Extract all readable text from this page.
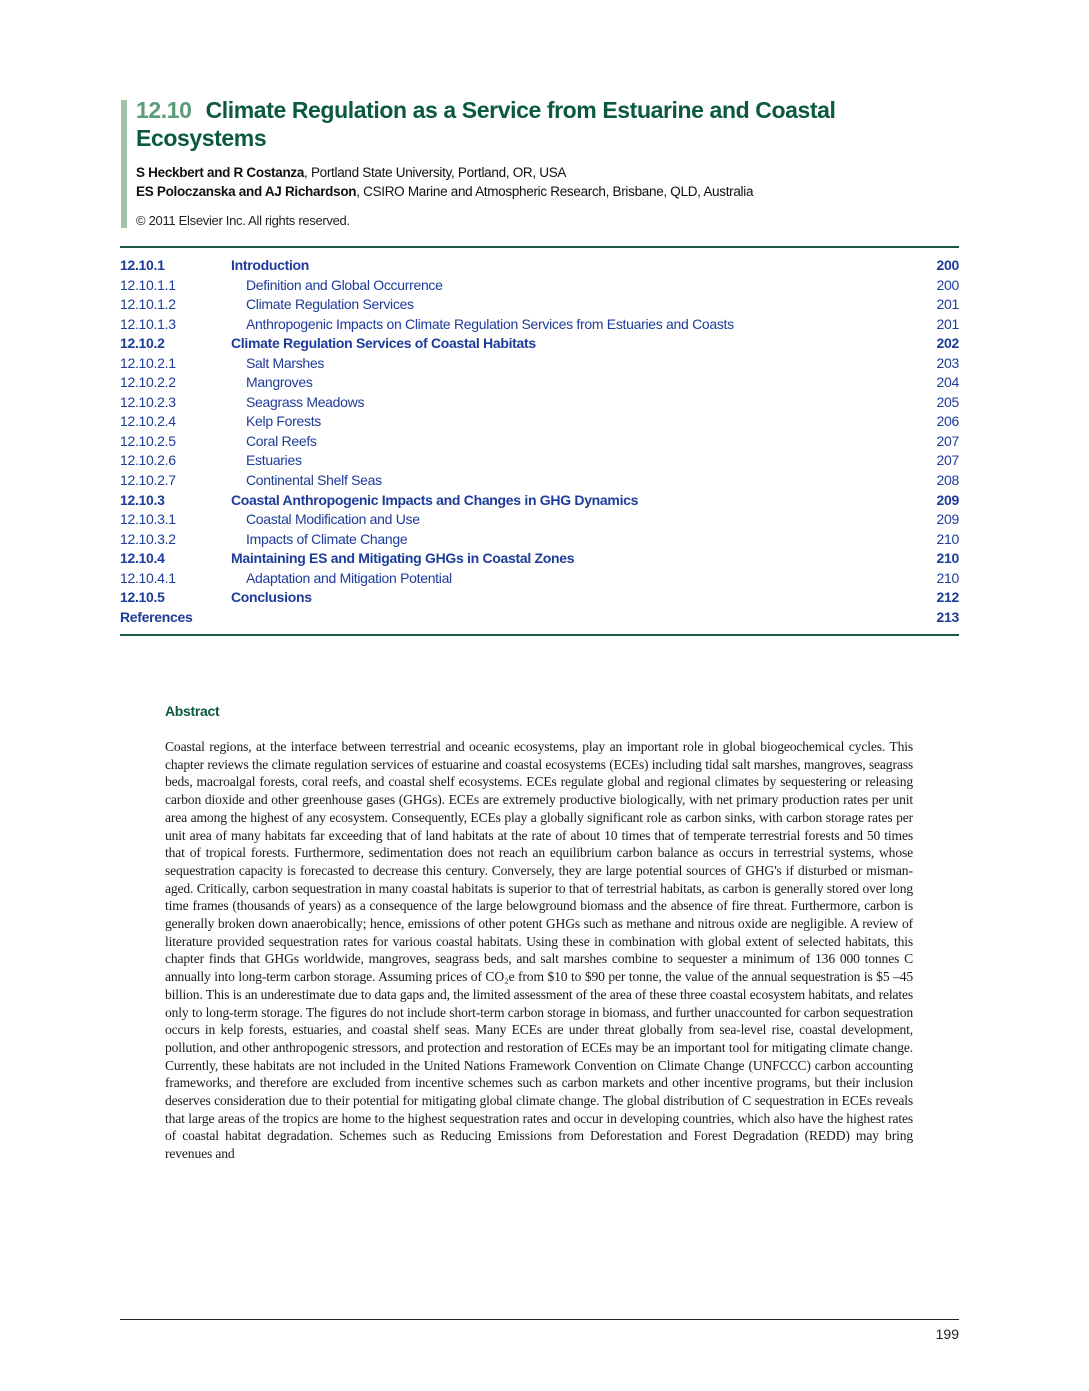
12.10 Climate Regulation as a Service from Estuarine and Coastal Ecosystems
S Heckbert and R Costanza, Portland State University, Portland, OR, USA
ES Poloczanska and AJ Richardson, CSIRO Marine and Atmospheric Research, Brisbane, QLD, Australia
© 2011 Elsevier Inc. All rights reserved.
12.10.1	Introduction	200
12.10.1.1	Definition and Global Occurrence	200
12.10.1.2	Climate Regulation Services	201
12.10.1.3	Anthropogenic Impacts on Climate Regulation Services from Estuaries and Coasts	201
12.10.2	Climate Regulation Services of Coastal Habitats	202
12.10.2.1	Salt Marshes	203
12.10.2.2	Mangroves	204
12.10.2.3	Seagrass Meadows	205
12.10.2.4	Kelp Forests	206
12.10.2.5	Coral Reefs	207
12.10.2.6	Estuaries	207
12.10.2.7	Continental Shelf Seas	208
12.10.3	Coastal Anthropogenic Impacts and Changes in GHG Dynamics	209
12.10.3.1	Coastal Modification and Use	209
12.10.3.2	Impacts of Climate Change	210
12.10.4	Maintaining ES and Mitigating GHGs in Coastal Zones	210
12.10.4.1	Adaptation and Mitigation Potential	210
12.10.5	Conclusions	212
References	213
Abstract

Coastal regions, at the interface between terrestrial and oceanic ecosystems, play an important role in global biogeochemical cycles. This chapter reviews the climate regulation services of estuarine and coastal ecosystems (ECEs) including tidal salt marshes, mangroves, seagrass beds, macroalgal forests, coral reefs, and coastal shelf ecosystems. ECEs regulate global and regional climates by sequestering or releasing carbon dioxide and other greenhouse gases (GHGs). ECEs are extremely productive biologically, with net primary production rates per unit area among the highest of any ecosystem. Consequently, ECEs play a globally significant role as carbon sinks, with carbon storage rates per unit area of many habitats far exceeding that of land habitats at the rate of about 10 times that of temperate terrestrial forests and 50 times that of tropical forests. Furthermore, sedimentation does not reach an equilibrium carbon balance as occurs in terrestrial systems, whose sequestration capacity is forecasted to decrease this century. Conversely, they are large potential sources of GHG's if disturbed or mismanaged. Critically, carbon sequestration in many coastal habitats is superior to that of terrestrial habitats, as carbon is generally stored over long time frames (thousands of years) as a consequence of the large belowground biomass and the absence of fire threat. Furthermore, carbon is generally broken down anaerobically; hence, emissions of other potent GHGs such as methane and nitrous oxide are negligible. A review of literature provided sequestration rates for various coastal habitats. Using these in combination with global extent of selected habitats, this chapter finds that GHGs worldwide, mangroves, seagrass beds, and salt marshes combine to sequester a minimum of 136 000 tonnes C annually into long-term carbon storage. Assuming prices of CO₂e from $10 to $90 per tonne, the value of the annual sequestration is $5 –45 billion. This is an underestimate due to data gaps and, the limited assessment of the area of these three coastal ecosystem habitats, and relates only to long-term storage. The figures do not include short-term carbon storage in biomass, and further unaccounted for carbon sequestration occurs in kelp forests, estuaries, and coastal shelf seas. Many ECEs are under threat globally from sea-level rise, coastal development, pollution, and other anthropogenic stressors, and protection and restoration of ECEs may be an important tool for mitigating climate change. Currently, these habitats are not included in the United Nations Framework Convention on Climate Change (UNFCCC) carbon accounting frameworks, and therefore are excluded from incentive schemes such as carbon markets and other incentive programs, but their inclusion deserves consideration due to their potential for mitigating global climate change. The global distribution of C sequestration in ECEs reveals that large areas of the tropics are home to the highest sequestration rates and occur in developing countries, which also have the highest rates of coastal habitat degradation. Schemes such as Reducing Emissions from Deforestation and Forest Degradation (REDD) may bring revenues and

199
